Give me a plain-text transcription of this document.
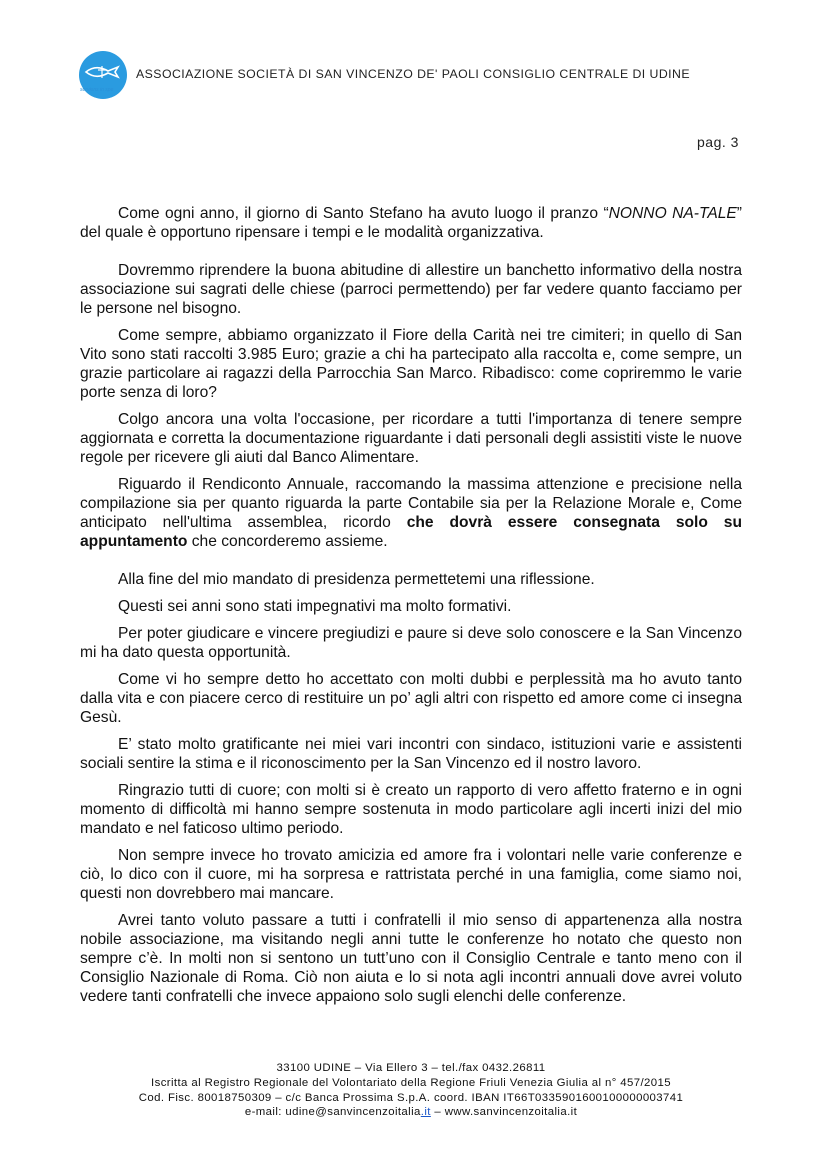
serviens in spe
ASSOCIAZIONE SOCIETÀ DI SAN VINCENZO DE' PAOLI CONSIGLIO CENTRALE DI UDINE
pag. 3

Come ogni anno, il giorno di Santo Stefano ha avuto luogo il pranzo “NONNO NA-TALE” del quale è opportuno ripensare i tempi e le modalità organizzativa.

Dovremmo riprendere la buona abitudine di allestire un banchetto informativo della nostra associazione sui sagrati delle chiese (parroci permettendo) per far vedere quanto facciamo per le persone nel bisogno.

Come sempre, abbiamo organizzato il Fiore della Carità nei tre cimiteri; in quello di San Vito sono stati raccolti 3.985 Euro; grazie a chi ha partecipato alla raccolta e, come sempre, un grazie particolare ai ragazzi della Parrocchia San Marco. Ribadisco: come copriremmo le varie porte senza di loro?

Colgo ancora una volta l'occasione, per ricordare a tutti l'importanza di tenere sempre aggiornata e corretta la documentazione riguardante i dati personali degli assistiti viste le nuove regole per ricevere gli aiuti dal Banco Alimentare.

Riguardo il Rendiconto Annuale, raccomando la massima attenzione e precisione nella compilazione sia per quanto riguarda la parte Contabile sia per la Relazione Morale e, Come anticipato nell'ultima assemblea, ricordo che dovrà essere consegnata solo su appuntamento che concorderemo assieme.

Alla fine del mio mandato di presidenza permettetemi una riflessione.

Questi sei anni sono stati impegnativi ma molto formativi.

Per poter giudicare e vincere pregiudizi e paure si deve solo conoscere e la San Vincenzo mi ha dato questa opportunità.

Come vi ho sempre detto ho accettato con molti dubbi e perplessità ma ho avuto tanto dalla vita e con piacere cerco di restituire un po’ agli altri con rispetto ed amore come ci insegna Gesù.

E’ stato molto gratificante nei miei vari incontri con sindaco, istituzioni varie e assistenti sociali sentire la stima e il riconoscimento per la San Vincenzo ed il nostro lavoro.

Ringrazio tutti di cuore; con molti si è creato un rapporto di vero affetto fraterno e in ogni momento di difficoltà mi hanno sempre sostenuta in modo particolare agli incerti inizi del mio mandato e nel faticoso ultimo periodo.

Non sempre invece ho trovato amicizia ed amore fra i volontari nelle varie conferenze e ciò, lo dico con il cuore, mi ha sorpresa e rattristata perché in una famiglia, come siamo noi, questi non dovrebbero mai mancare.

Avrei tanto voluto passare a tutti i confratelli il mio senso di appartenenza alla nostra nobile associazione, ma visitando negli anni tutte le conferenze ho notato che questo non sempre c’è. In molti non si sentono un tutt’uno con il Consiglio Centrale e tanto meno con il Consiglio Nazionale di Roma. Ciò non aiuta e lo si nota agli incontri annuali dove avrei voluto vedere tanti confratelli che invece appaiono solo sugli elenchi delle conferenze.

33100 UDINE – Via Ellero 3 – tel./fax 0432.26811
Iscritta al Registro Regionale del Volontariato della Regione Friuli Venezia Giulia al n° 457/2015
Cod. Fisc. 80018750309 – c/c Banca Prossima S.p.A. coord. IBAN IT66T0335901600100000003741
e-mail: udine@sanvincenzoitalia.it – www.sanvincenzoitalia.it
